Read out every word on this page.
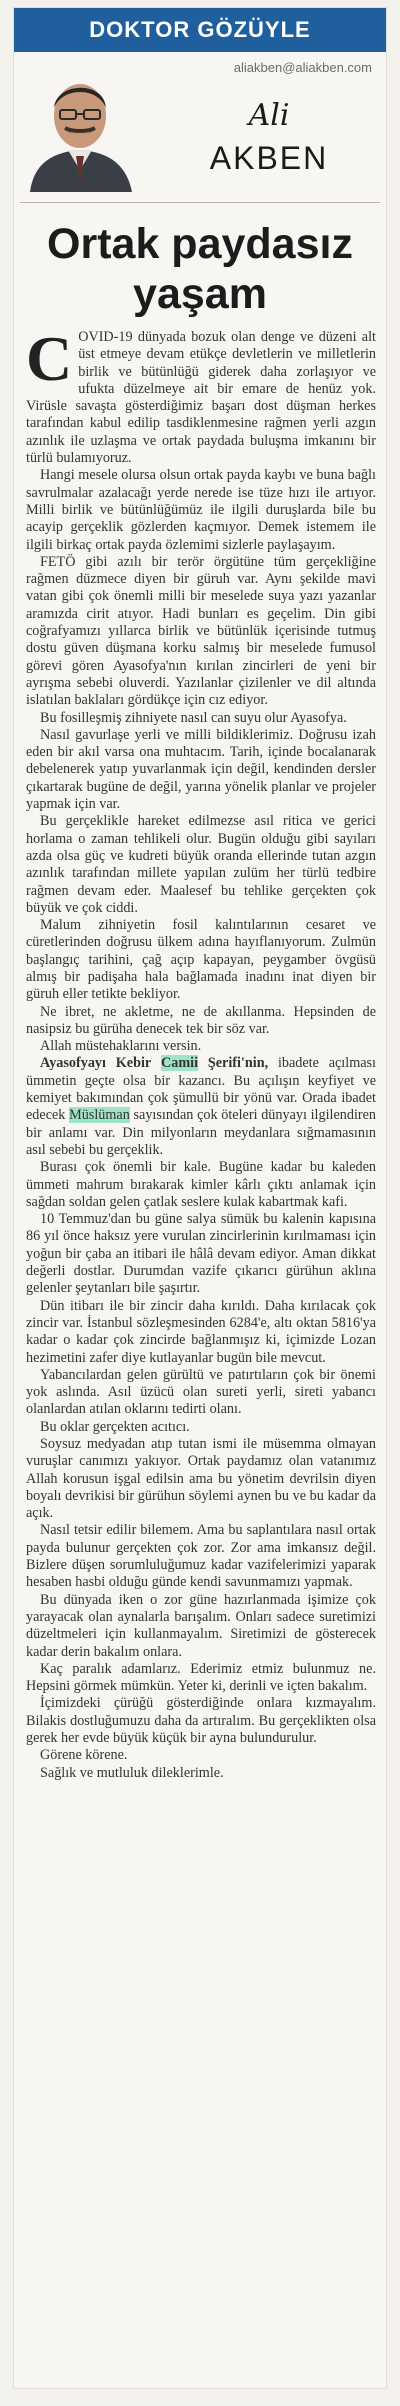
DOKTOR GÖZÜYLE
aliakben@aliakben.com
Ali
AKBEN
Ortak paydasız
yaşam

COVID-19 dünyada bozuk olan denge ve düzeni alt üst etmeye devam etükçe devletlerin ve milletlerin birlik ve bütünlüğü giderek daha zorlaşıyor ve ufukta düzelmeye ait bir emare de henüz yok. Virüsle savaşta gösterdiğimiz başarı dost düşman herkes tarafından kabul edilip tasdiklenmesine rağmen yerli azgın azınlık ile uzlaşma ve ortak paydada buluşma imkanını bir türlü bulamıyoruz.

Hangi mesele olursa olsun ortak payda kaybı ve buna bağlı savrulmalar azalacağı yerde nerede ise tüze hızı ile artıyor. Milli birlik ve bütünlüğümüz ile ilgili duruşlarda bile bu acayip gerçeklik gözlerden kaçmıyor. Demek istemem ile ilgili birkaç ortak payda özlemimi sizlerle paylaşayım.

FETÖ gibi azılı bir terör örgütüne tüm gerçekliğine rağmen düzmece diyen bir güruh var. Aynı şekilde mavi vatan gibi çok önemli milli bir meselede suya yazı yazanlar aramızda cirit atıyor. Hadi bunları es geçelim. Din gibi coğrafyamızı yıllarca birlik ve bütünlük içerisinde tutmuş dostu güven düşmana korku salmış bir meselede fumusol görevi gören Ayasofya'nın kırılan zincirleri de yeni bir ayrışma sebebi oluverdi. Yazılanlar çizilenler ve dil altında islatılan baklaları gördükçe için cız ediyor.

Bu fosilleşmiş zihniyete nasıl can suyu olur Ayasofya.

Nasıl gavurlaşe yerli ve milli bildiklerimiz. Doğrusu izah eden bir akıl varsa ona muhtacım. Tarih, içinde bocalanarak debelenerek yatıp yuvarlanmak için değil, kendinden dersler çıkartarak bugüne de değil, yarına yönelik planlar ve projeler yapmak için var.

Bu gerçeklikle hareket edilmezse asıl ritica ve gerici horlama o zaman tehlikeli olur. Bugün olduğu gibi sayıları azda olsa güç ve kudreti büyük oranda ellerinde tutan azgın azınlık tarafından millete yapılan zulüm her türlü tedbire rağmen devam eder. Maalesef bu tehlike gerçekten çok büyük ve çok ciddi.

Malum zihniyetin fosil kalıntılarının cesaret ve cüretlerinden doğrusu ülkem adına hayıflanıyorum. Zulmün başlangıç tarihini, çağ açıp kapayan, peygamber övgüsü almış bir padişaha hala bağlamada inadını inat diyen bir güruh eller tetikte bekliyor.

Ne ibret, ne akletme, ne de akıllanma. Hepsinden de nasipsiz bu gürüha denecek tek bir söz var.

Allah müstehaklarını versin.

Ayasofyayı Kebir Camii Şerifi'nin, ibadete açılması ümmetin geçte olsa bir kazancı. Bu açılışın keyfiyet ve kemiyet bakımından çok şümullü bir yönü var. Orada ibadet edecek Müslüman sayısından çok öteleri dünyayı ilgilendiren bir anlamı var. Din milyonların meydanlara sığmamasının asıl sebebi bu gerçeklik.

Burası çok önemli bir kale. Bugüne kadar bu kaleden ümmeti mahrum bırakarak kimler kârlı çıktı anlamak için sağdan soldan gelen çatlak seslere kulak kabartmak kafi.

10 Temmuz'dan bu güne salya sümük bu kalenin kapısına 86 yıl önce haksız yere vurulan zincirlerinin kırılmaması için yoğun bir çaba an itibari ile hâlâ devam ediyor. Aman dikkat değerli dostlar. Durumdan vazife çıkarıcı gürühun aklına gelenler şeytanları bile şaşırtır.

Dün itibarı ile bir zincir daha kırıldı. Daha kırılacak çok zincir var. İstanbul sözleşmesinden 6284'e, altı oktan 5816'ya kadar o kadar çok zincirde bağlanmışız ki, içimizde Lozan hezimetini zafer diye kutlayanlar bugün bile mevcut.

Yabancılardan gelen gürültü ve patırtıların çok bir önemi yok aslında. Asıl üzücü olan sureti yerli, sireti yabancı olanlardan atılan oklarını tedirti olanı.

Bu oklar gerçekten acıtıcı.

Soysuz medyadan atıp tutan ismi ile müsemma olmayan vuruşlar canımızı yakıyor. Ortak paydamız olan vatanımız Allah korusun işgal edilsin ama bu yönetim devrilsin diyen boyalı devrikisi bir gürühun söylemi aynen bu ve bu kadar da açık.

Nasıl tetsir edilir bilemem. Ama bu saplantılara nasıl ortak payda bulunur gerçekten çok zor. Zor ama imkansız değil. Bizlere düşen sorumluluğumuz kadar vazifelerimizi yaparak hesaben hasbi olduğu günde kendi savunmamızı yapmak.

Bu dünyada iken o zor güne hazırlanmada işimize çok yarayacak olan aynalarla barışalım. Onları sadece suretimizi düzeltmeleri için kullanmayalım. Siretimizi de gösterecek kadar derin bakalım onlara.

Kaç paralık adamlarız. Ederimiz etmiz bulunmuz ne. Hepsini görmek mümkün. Yeter ki, derinli ve içten bakalım.

İçimizdeki çürüğü gösterdiğinde onlara kızmayalım. Bilakis dostluğumuzu daha da artıralım. Bu gerçeklikten olsa gerek her evde büyük küçük bir ayna bulundurulur.

Görene körene.

Sağlık ve mutluluk dileklerimle.
